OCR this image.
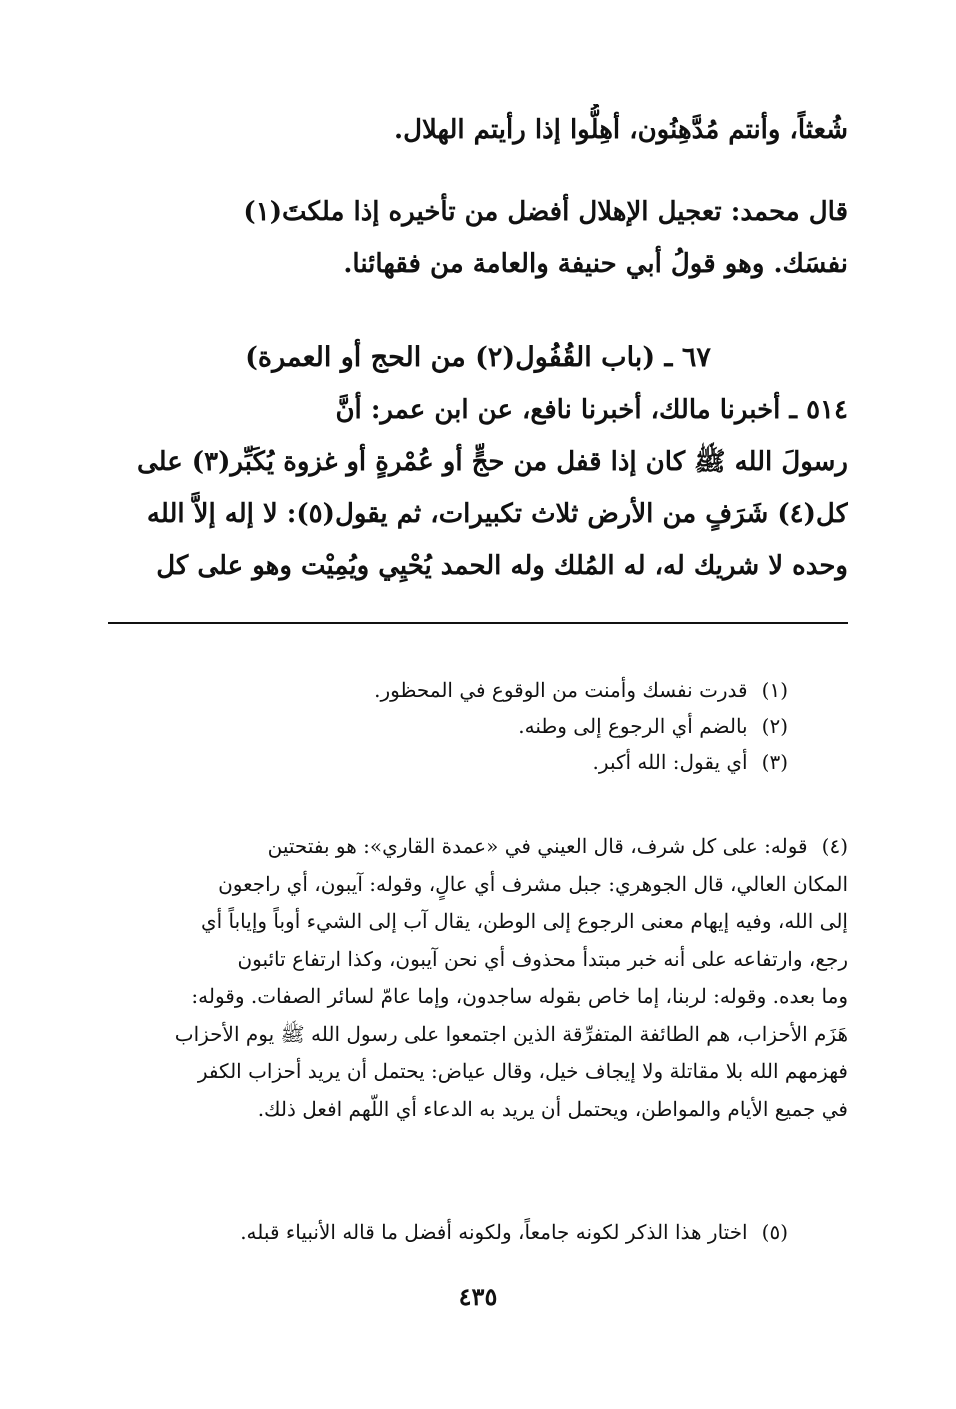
شُعثاً، وأنتم مُدَّهِنُون، أهِلُّوا إذا رأيتم الهلال.
قال محمد: تعجيل الإهلال أفضل من تأخيره إذا ملكتَ(١)
نفسَك. وهو قولُ أبي حنيفة والعامة من فقهائنا.
٦٧ ـ (باب القُفُول(٢) من الحج أو العمرة)
٥١٤ ـ أخبرنا مالك، أخبرنا نافع، عن ابن عمر: أنَّ
رسولَ الله ﷺ كان إذا قفل من حجٍّ أو عُمْرةٍ أو غزوة يُكَبِّر(٣) على
كل(٤) شَرَفٍ من الأرض ثلاث تكبيرات، ثم يقول(٥): لا إله إلاَّ الله
وحده لا شريك له، له المُلك وله الحمد يُحْيِي ويُمِيْت وهو على كل
(١)قدرت نفسك وأمنت من الوقوع في المحظور.
(٢)بالضم أي الرجوع إلى وطنه.
(٣)أي يقول: الله أكبر.
(٤)قوله: على كل شرف، قال العيني في «عمدة القاري»: هو بفتحتين
المكان العالي، قال الجوهري: جبل مشرف أي عالٍ، وقوله: آيبون، أي راجعون
إلى الله، وفيه إيهام معنى الرجوع إلى الوطن، يقال آب إلى الشيء أوباً وإياباً أي
رجع، وارتفاعه على أنه خبر مبتدأ محذوف أي نحن آيبون، وكذا ارتفاع تائبون
وما بعده. وقوله: لربنا، إما خاص بقوله ساجدون، وإما عامّ لسائر الصفات. وقوله:
هَزَم الأحزاب، هم الطائفة المتفرِّقة الذين اجتمعوا على رسول الله ﷺ يوم الأحزاب
فهزمهم الله بلا مقاتلة ولا إيجاف خيل، وقال عياض: يحتمل أن يريد أحزاب الكفر
في جميع الأيام والمواطن، ويحتمل أن يريد به الدعاء أي اللّهم افعل ذلك.
(٥)اختار هذا الذكر لكونه جامعاً، ولكونه أفضل ما قاله الأنبياء قبله.
٤٣٥
